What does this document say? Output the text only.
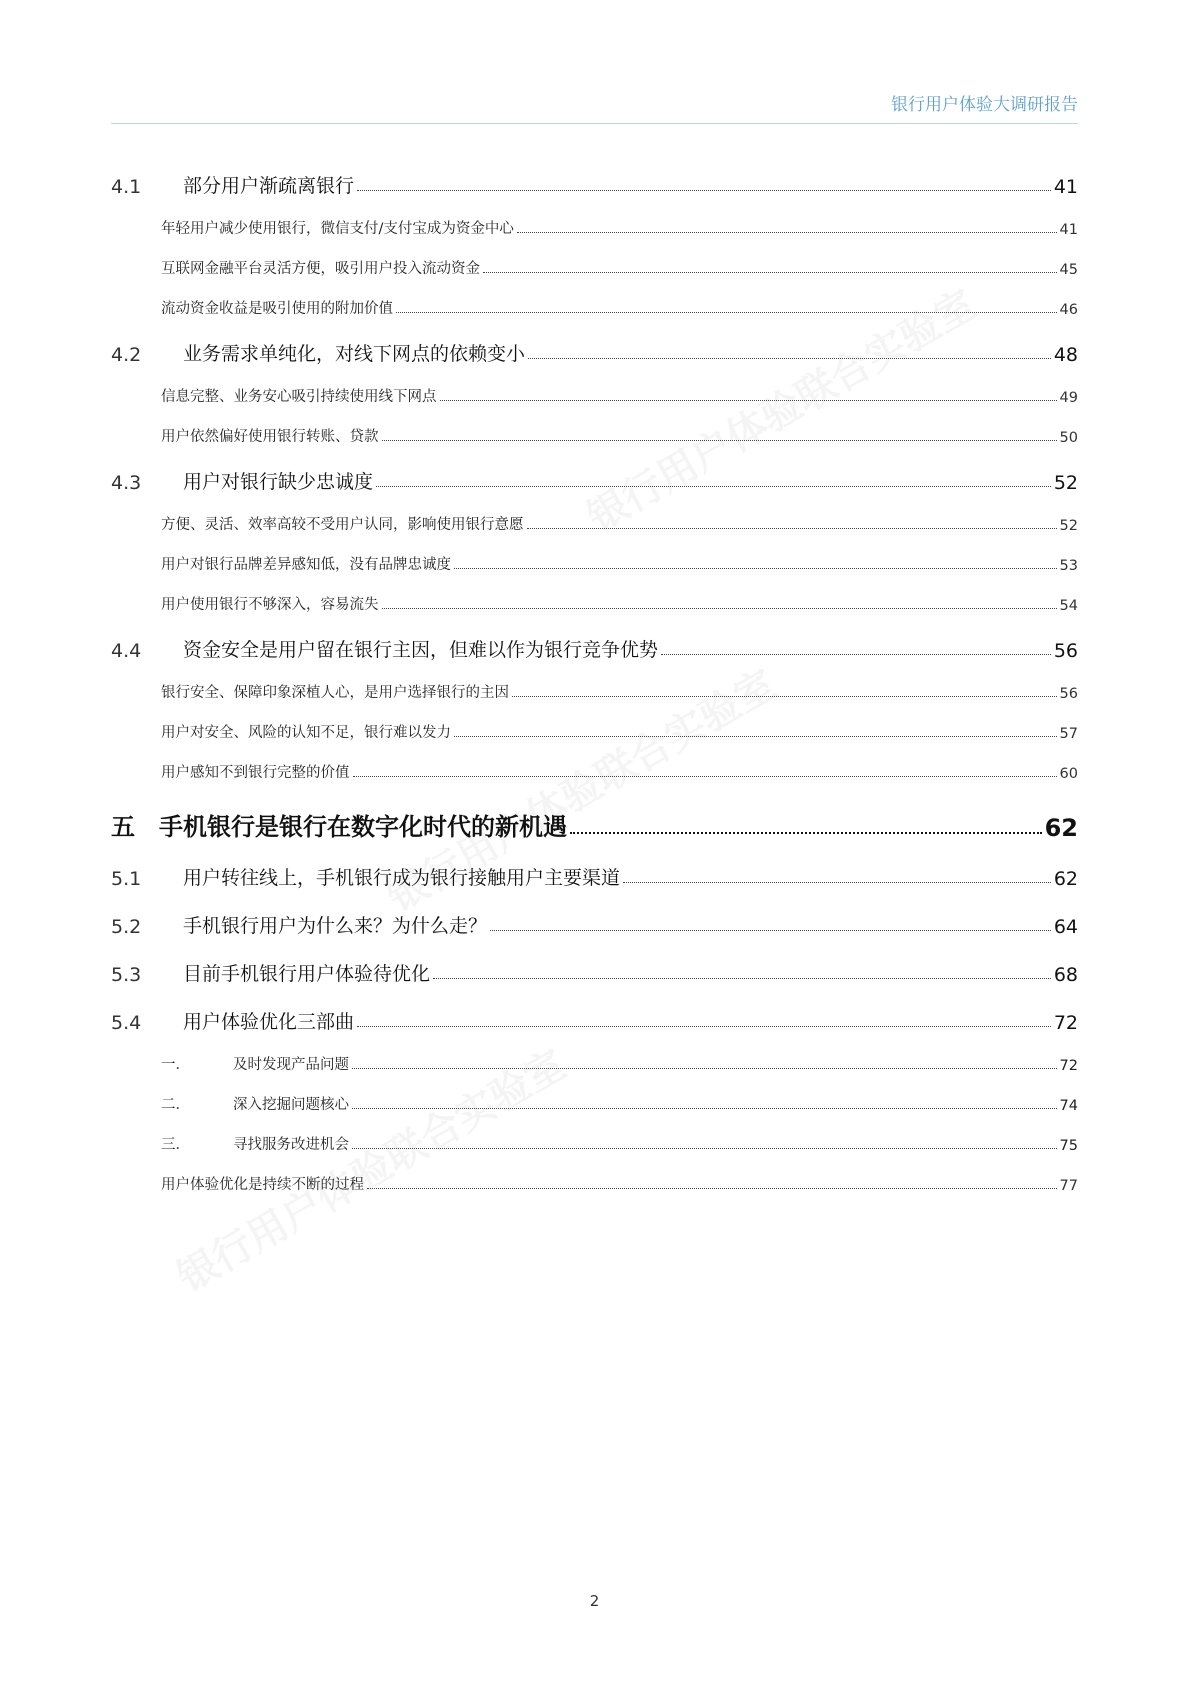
银行用户体验大调研报告
4.1	部分用户渐疏离银行	41
年轻用户减少使用银行，微信支付/支付宝成为资金中心	41
互联网金融平台灵活方便，吸引用户投入流动资金	45
流动资金收益是吸引使用的附加价值	46
4.2	业务需求单纯化，对线下网点的依赖变小	48
信息完整、业务安心吸引持续使用线下网点	49
用户依然偏好使用银行转账、贷款	50
4.3	用户对银行缺少忠诚度	52
方便、灵活、效率高较不受用户认同，影响使用银行意愿	52
用户对银行品牌差异感知低，没有品牌忠诚度	53
用户使用银行不够深入，容易流失	54
4.4	资金安全是用户留在银行主因，但难以作为银行竞争优势	56
银行安全、保障印象深植人心，是用户选择银行的主因	56
用户对安全、风险的认知不足，银行难以发力	57
用户感知不到银行完整的价值	60
五	手机银行是银行在数字化时代的新机遇	62
5.1	用户转往线上，手机银行成为银行接触用户主要渠道	62
5.2	手机银行用户为什么来？为什么走？	64
5.3	目前手机银行用户体验待优化	68
5.4	用户体验优化三部曲	72
一．	及时发现产品问题	72
二．	深入挖掘问题核心	74
三．	寻找服务改进机会	75
用户体验优化是持续不断的过程	77
2
